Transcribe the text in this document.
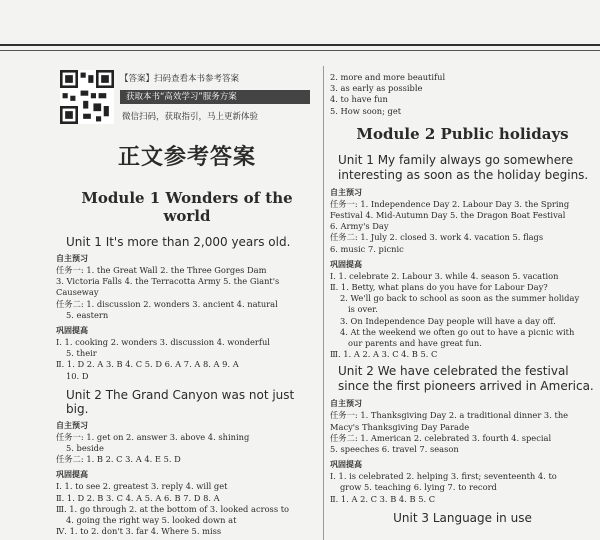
【答案】扫码查看本书参考答案
获取本书“高效学习”服务方案
微信扫码，获取指引，马上更新体验
正文参考答案
Module 1 Wonders of the world
Unit 1 It's more than 2,000 years old.
自主预习
任务一: 1. the Great Wall 2. the Three Gorges Dam
3. Victoria Falls 4. the Terracotta Army 5. the Giant's
Causeway
任务二: 1. discussion 2. wonders 3. ancient 4. natural
5. eastern
巩固提高
Ⅰ. 1. cooking 2. wonders 3. discussion 4. wonderful
5. their
Ⅱ. 1. D 2. A 3. B 4. C 5. D 6. A 7. A 8. A 9. A
10. D
Unit 2 The Grand Canyon was not just big.
自主预习
任务一: 1. get on 2. answer 3. above 4. shining
5. beside
任务二: 1. B 2. C 3. A 4. E 5. D
巩固提高
Ⅰ. 1. to see 2. greatest 3. reply 4. will get
Ⅱ. 1. D 2. B 3. C 4. A 5. A 6. B 7. D 8. A
Ⅲ. 1. go through 2. at the bottom of 3. looked across to
4. going the right way 5. looked down at
Ⅳ. 1. to 2. don't 3. far 4. Where 5. miss
2. more and more beautiful
3. as early as possible
4. to have fun
5. How soon; get
Module 2 Public holidays
Unit 1 My family always go somewhere interesting as soon as the holiday begins.
自主预习
任务一: 1. Independence Day 2. Labour Day 3. the Spring
Festival 4. Mid-Autumn Day 5. the Dragon Boat Festival
6. Army's Day
任务二: 1. July 2. closed 3. work 4. vacation 5. flags
6. music 7. picnic
巩固提高
Ⅰ. 1. celebrate 2. Labour 3. while 4. season 5. vacation
Ⅱ. 1. Betty, what plans do you have for Labour Day?
2. We'll go back to school as soon as the summer holiday
is over.
3. On Independence Day people will have a day off.
4. At the weekend we often go out to have a picnic with
our parents and have great fun.
Ⅲ. 1. A 2. A 3. C 4. B 5. C
Unit 2 We have celebrated the festival since the first pioneers arrived in America.
自主预习
任务一: 1. Thanksgiving Day 2. a traditional dinner 3. the
Macy's Thanksgiving Day Parade
任务二: 1. American 2. celebrated 3. fourth 4. special
5. speeches 6. travel 7. season
巩固提高
Ⅰ. 1. is celebrated 2. helping 3. first; seventeenth 4. to
grow 5. teaching 6. lying 7. to record
Ⅱ. 1. A 2. C 3. B 4. B 5. C
Unit 3 Language in use
